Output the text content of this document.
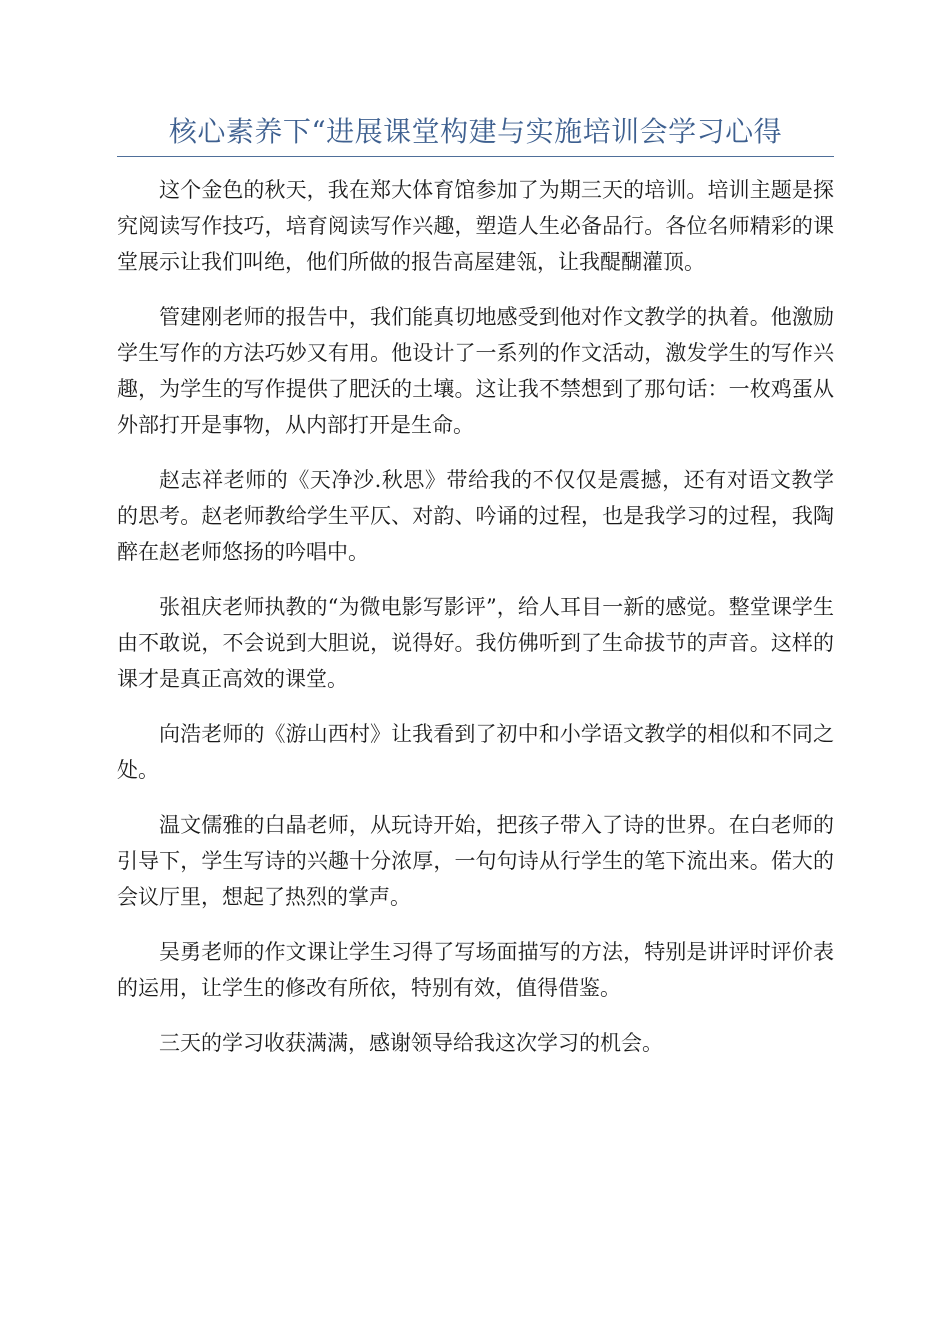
核心素养下“进展课堂构建与实施培训会学习心得

这个金色的秋天，我在郑大体育馆参加了为期三天的培训。培训主题是探究阅读写作技巧，培育阅读写作兴趣，塑造人生必备品行。各位名师精彩的课堂展示让我们叫绝，他们所做的报告高屋建瓴，让我醍醐灌顶。

管建刚老师的报告中，我们能真切地感受到他对作文教学的执着。他激励学生写作的方法巧妙又有用。他设计了一系列的作文活动，激发学生的写作兴趣，为学生的写作提供了肥沃的土壤。这让我不禁想到了那句话：一枚鸡蛋从外部打开是事物，从内部打开是生命。

赵志祥老师的《天净沙.秋思》带给我的不仅仅是震撼，还有对语文教学的思考。赵老师教给学生平仄、对韵、吟诵的过程，也是我学习的过程，我陶醉在赵老师悠扬的吟唱中。

张祖庆老师执教的“为微电影写影评”，给人耳目一新的感觉。整堂课学生由不敢说，不会说到大胆说，说得好。我仿佛听到了生命拔节的声音。这样的课才是真正高效的课堂。

向浩老师的《游山西村》让我看到了初中和小学语文教学的相似和不同之处。

温文儒雅的白晶老师，从玩诗开始，把孩子带入了诗的世界。在白老师的引导下，学生写诗的兴趣十分浓厚，一句句诗从行学生的笔下流出来。偌大的会议厅里，想起了热烈的掌声。

吴勇老师的作文课让学生习得了写场面描写的方法，特别是讲评时评价表的运用，让学生的修改有所依，特别有效，值得借鉴。

三天的学习收获满满，感谢领导给我这次学习的机会。
